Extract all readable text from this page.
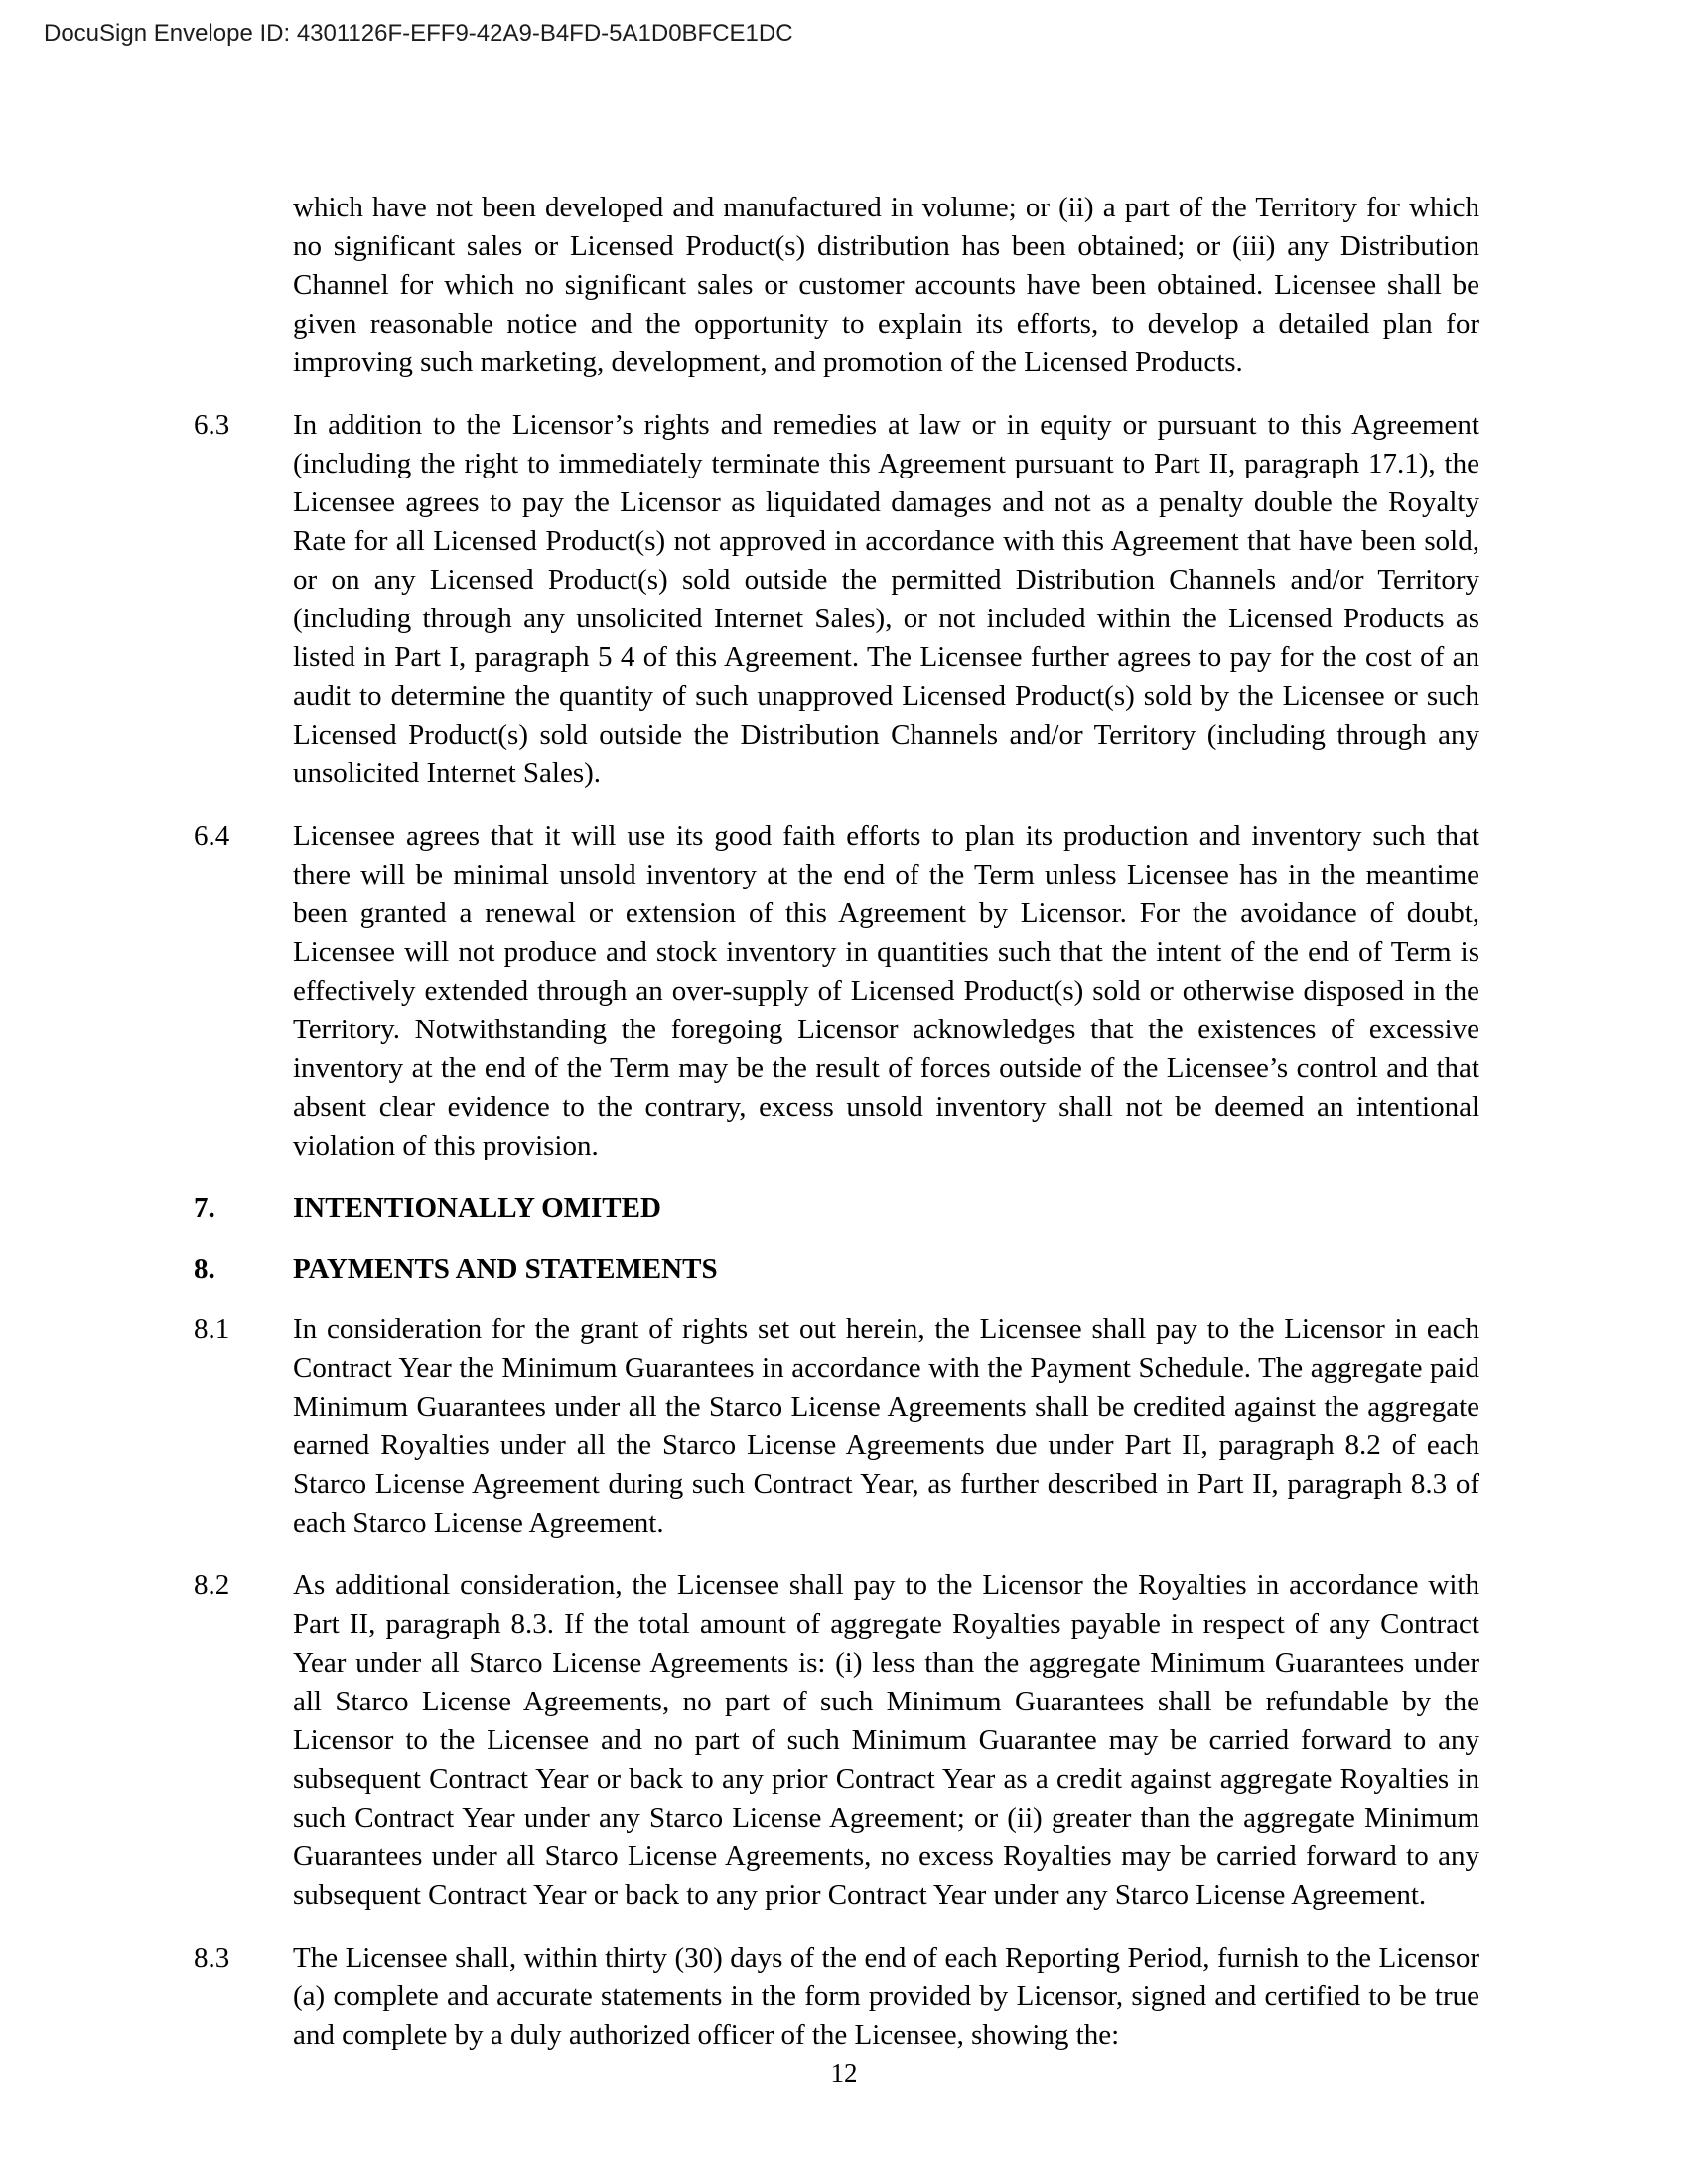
DocuSign Envelope ID: 4301126F-EFF9-42A9-B4FD-5A1D0BFCE1DC
which have not been developed and manufactured in volume; or (ii) a part of the Territory for which no significant sales or Licensed Product(s) distribution has been obtained; or (iii) any Distribution Channel for which no significant sales or customer accounts have been obtained. Licensee shall be given reasonable notice and the opportunity to explain its efforts, to develop a detailed plan for improving such marketing, development, and promotion of the Licensed Products.
6.3	In addition to the Licensor’s rights and remedies at law or in equity or pursuant to this Agreement (including the right to immediately terminate this Agreement pursuant to Part II, paragraph 17.1), the Licensee agrees to pay the Licensor as liquidated damages and not as a penalty double the Royalty Rate for all Licensed Product(s) not approved in accordance with this Agreement that have been sold, or on any Licensed Product(s) sold outside the permitted Distribution Channels and/or Territory (including through any unsolicited Internet Sales), or not included within the Licensed Products as listed in Part I, paragraph 5 4 of this Agreement. The Licensee further agrees to pay for the cost of an audit to determine the quantity of such unapproved Licensed Product(s) sold by the Licensee or such Licensed Product(s) sold outside the Distribution Channels and/or Territory (including through any unsolicited Internet Sales).
6.4	Licensee agrees that it will use its good faith efforts to plan its production and inventory such that there will be minimal unsold inventory at the end of the Term unless Licensee has in the meantime been granted a renewal or extension of this Agreement by Licensor. For the avoidance of doubt, Licensee will not produce and stock inventory in quantities such that the intent of the end of Term is effectively extended through an over-supply of Licensed Product(s) sold or otherwise disposed in the Territory. Notwithstanding the foregoing Licensor acknowledges that the existences of excessive inventory at the end of the Term may be the result of forces outside of the Licensee’s control and that absent clear evidence to the contrary, excess unsold inventory shall not be deemed an intentional violation of this provision.
7.	INTENTIONALLY OMITED
8.	PAYMENTS AND STATEMENTS
8.1	In consideration for the grant of rights set out herein, the Licensee shall pay to the Licensor in each Contract Year the Minimum Guarantees in accordance with the Payment Schedule. The aggregate paid Minimum Guarantees under all the Starco License Agreements shall be credited against the aggregate earned Royalties under all the Starco License Agreements due under Part II, paragraph 8.2 of each Starco License Agreement during such Contract Year, as further described in Part II, paragraph 8.3 of each Starco License Agreement.
8.2	As additional consideration, the Licensee shall pay to the Licensor the Royalties in accordance with Part II, paragraph 8.3. If the total amount of aggregate Royalties payable in respect of any Contract Year under all Starco License Agreements is: (i) less than the aggregate Minimum Guarantees under all Starco License Agreements, no part of such Minimum Guarantees shall be refundable by the Licensor to the Licensee and no part of such Minimum Guarantee may be carried forward to any subsequent Contract Year or back to any prior Contract Year as a credit against aggregate Royalties in such Contract Year under any Starco License Agreement; or (ii) greater than the aggregate Minimum Guarantees under all Starco License Agreements, no excess Royalties may be carried forward to any subsequent Contract Year or back to any prior Contract Year under any Starco License Agreement.
8.3	The Licensee shall, within thirty (30) days of the end of each Reporting Period, furnish to the Licensor (a) complete and accurate statements in the form provided by Licensor, signed and certified to be true and complete by a duly authorized officer of the Licensee, showing the:
12
